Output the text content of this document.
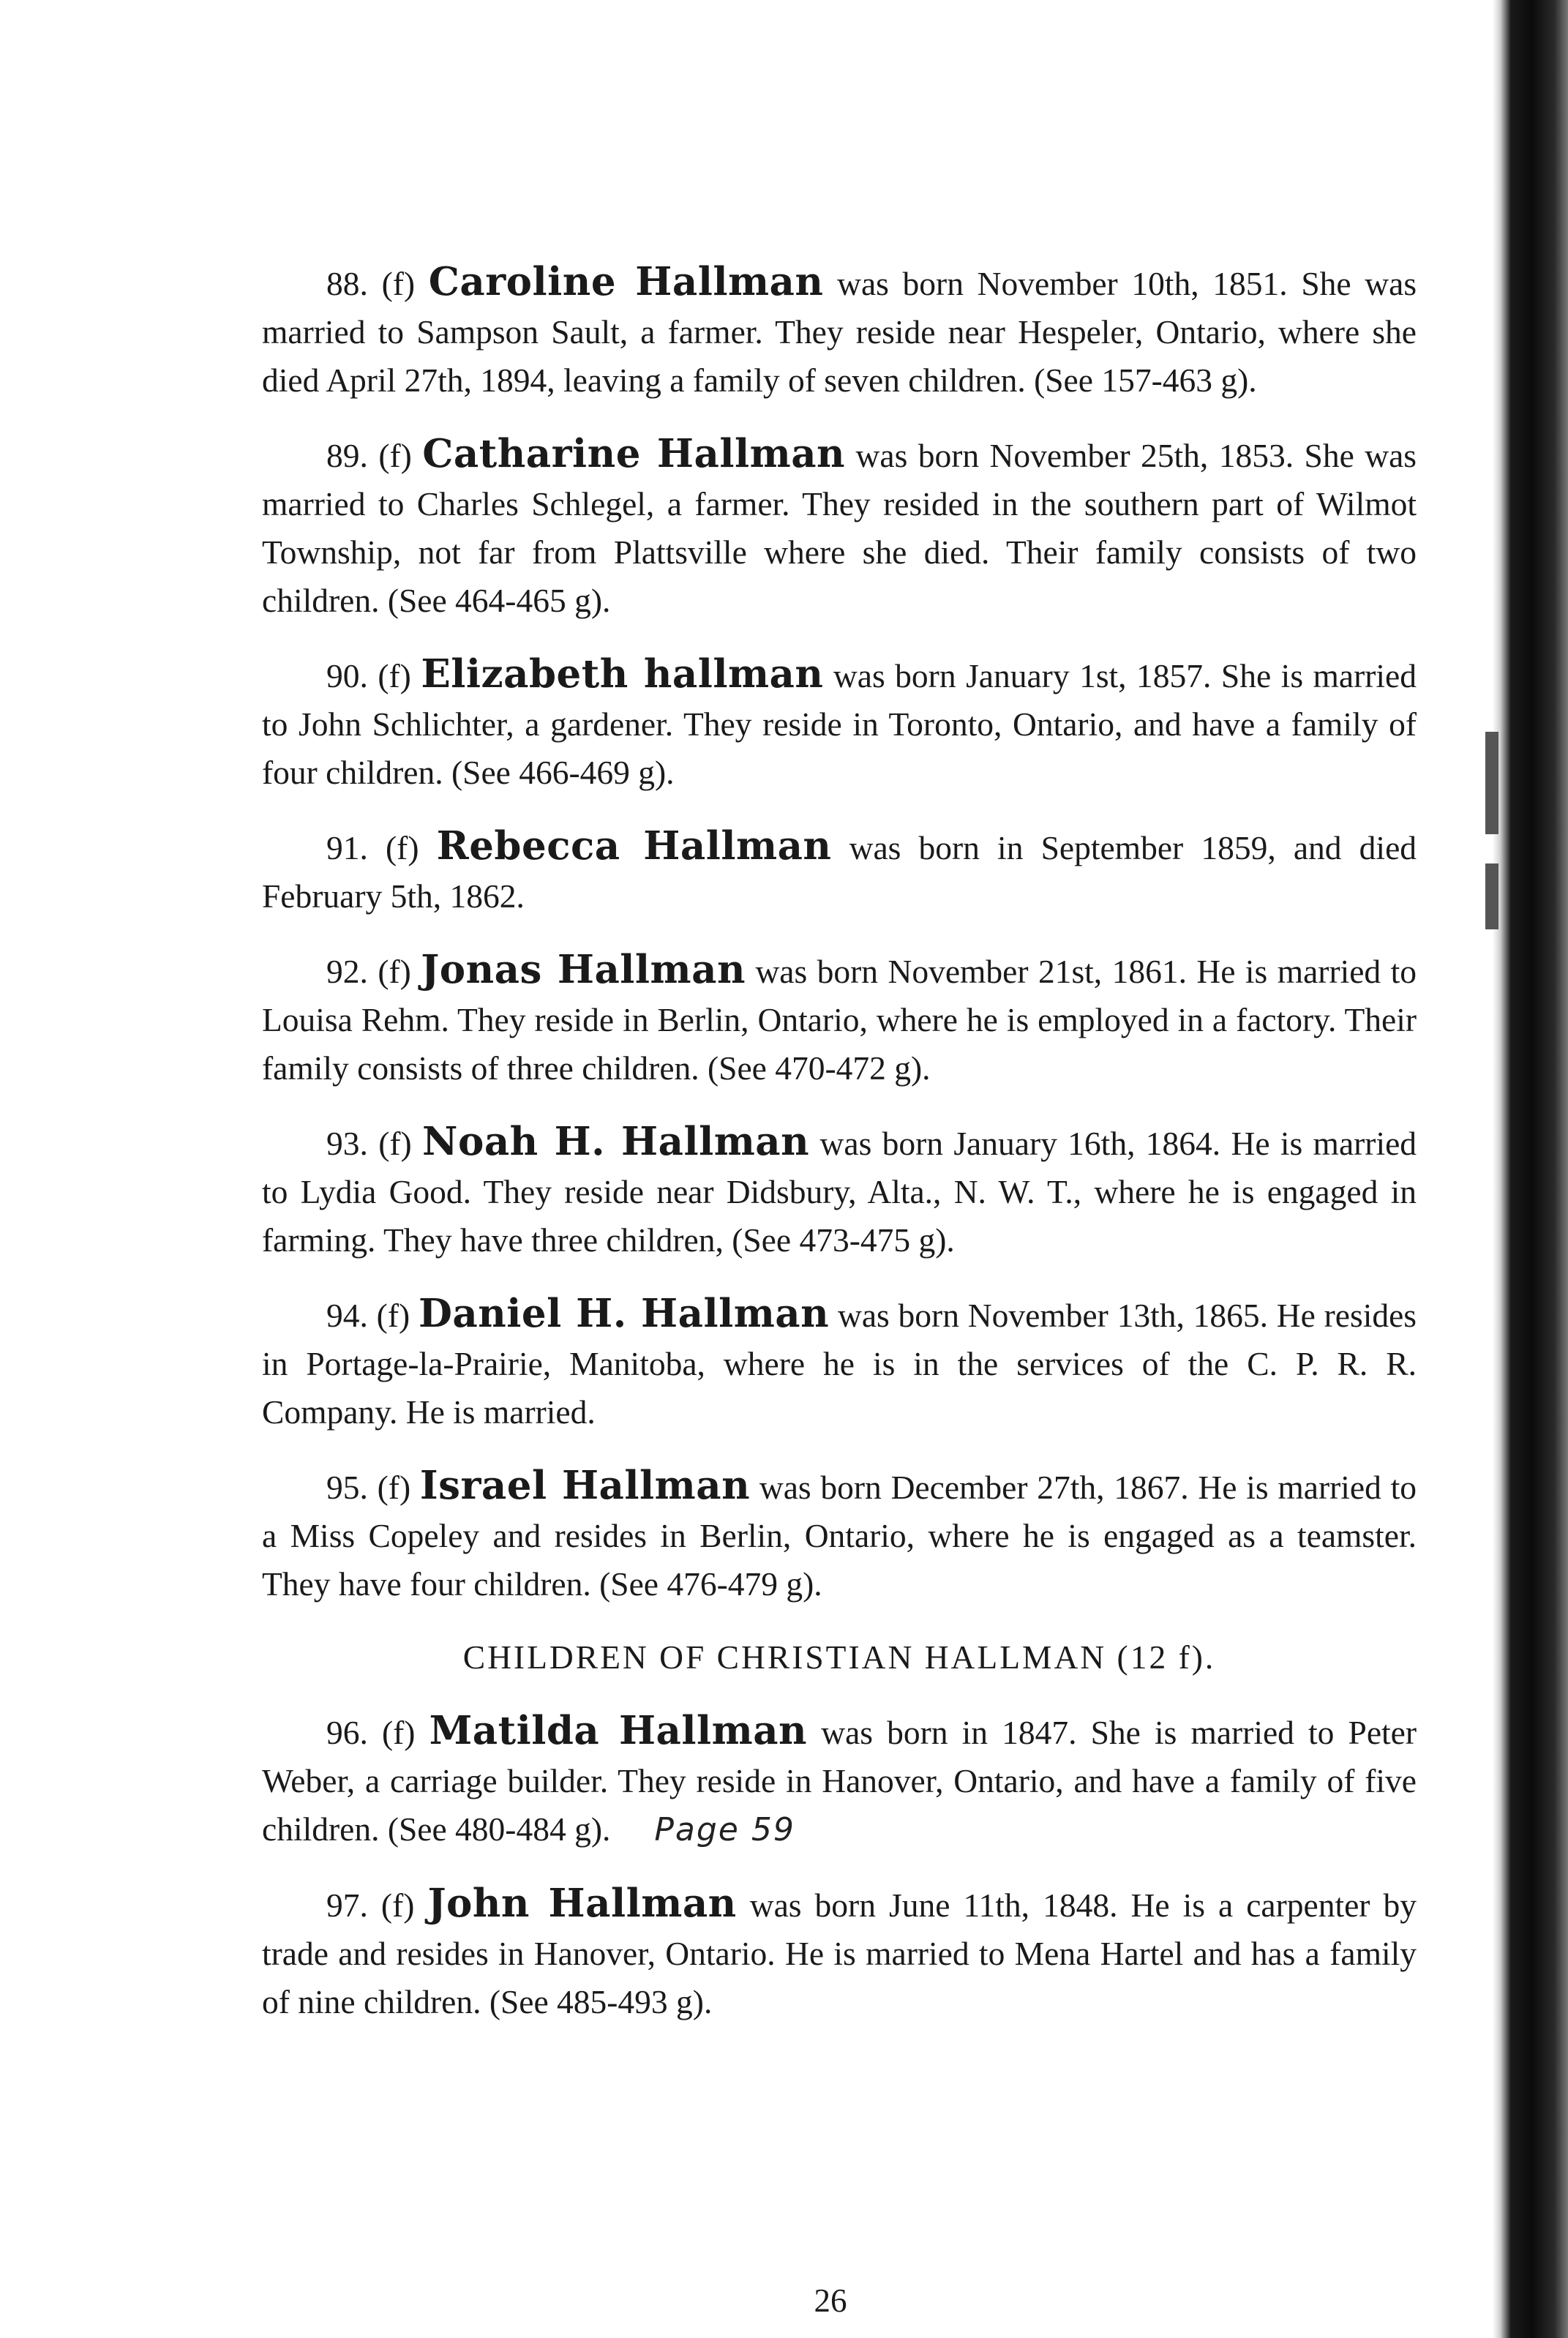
88. (f) Caroline Hallman was born November 10th, 1851. She was married to Sampson Sault, a farmer. They reside near Hespeler, Ontario, where she died April 27th, 1894, leaving a family of seven children. (See 157-463 g).

89. (f) Catharine Hallman was born November 25th, 1853. She was married to Charles Schlegel, a farmer. They resided in the southern part of Wilmot Township, not far from Plattsville where she died. Their family consists of two children. (See 464-465 g).

90. (f) Elizabeth hallman was born January 1st, 1857. She is married to John Schlichter, a gardener. They reside in Toronto, Ontario, and have a family of four children. (See 466-469 g).

91. (f) Rebecca Hallman was born in September 1859, and died February 5th, 1862.

92. (f) Jonas Hallman was born November 21st, 1861. He is married to Louisa Rehm. They reside in Berlin, Ontario, where he is employed in a factory. Their family consists of three children. (See 470-472 g).

93. (f) Noah H. Hallman was born January 16th, 1864. He is married to Lydia Good. They reside near Didsbury, Alta., N. W. T., where he is engaged in farming. They have three children, (See 473-475 g).

94. (f) Daniel H. Hallman was born November 13th, 1865. He resides in Portage-la-Prairie, Manitoba, where he is in the services of the C. P. R. R. Company. He is married.

95. (f) Israel Hallman was born December 27th, 1867. He is married to a Miss Copeley and resides in Berlin, Ontario, where he is engaged as a teamster. They have four children. (See 476-479 g).

CHILDREN OF CHRISTIAN HALLMAN (12 f).

96. (f) Matilda Hallman was born in 1847. She is married to Peter Weber, a carriage builder. They reside in Hanover, Ontario, and have a family of five children. (See 480-484 g). Page 59

97. (f) John Hallman was born June 11th, 1848. He is a carpenter by trade and resides in Hanover, Ontario. He is married to Mena Hartel and has a family of nine children. (See 485-493 g).

26
